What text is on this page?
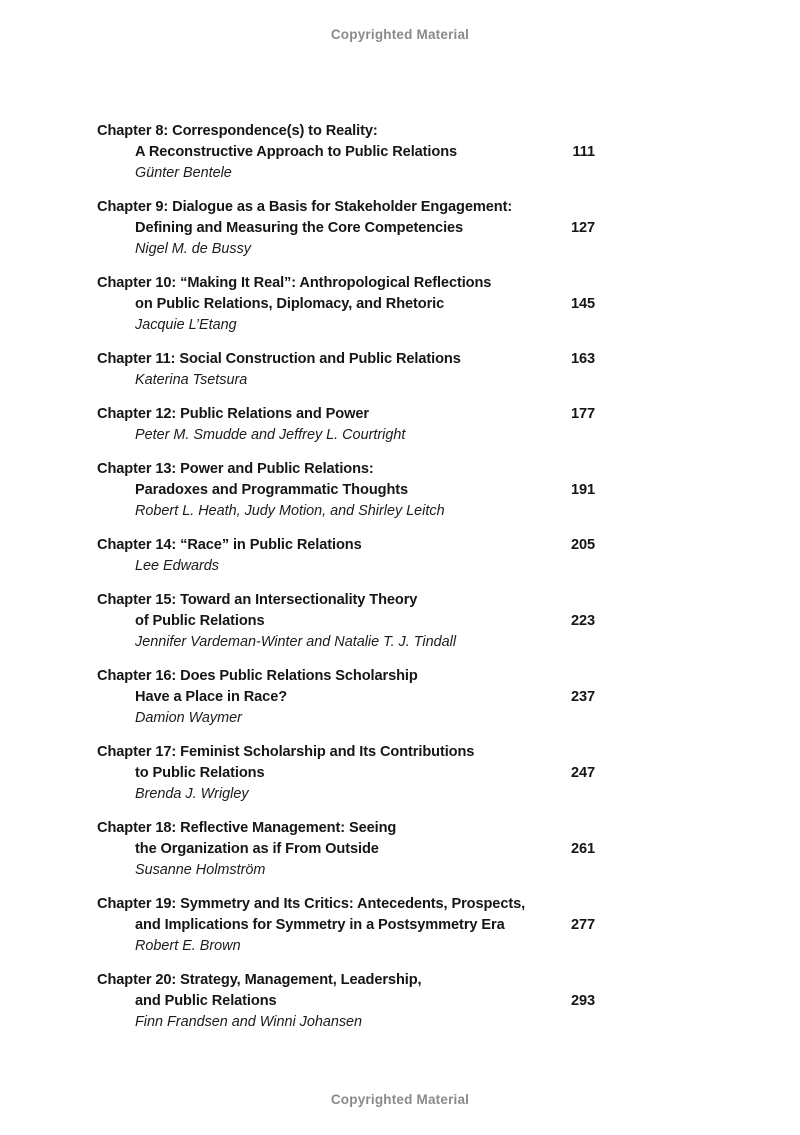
Copyrighted Material
Chapter 8: Correspondence(s) to Reality:
A Reconstructive Approach to Public Relations	111
Günter Bentele
Chapter 9: Dialogue as a Basis for Stakeholder Engagement:
Defining and Measuring the Core Competencies	127
Nigel M. de Bussy
Chapter 10: “Making It Real”: Anthropological Reflections
on Public Relations, Diplomacy, and Rhetoric	145
Jacquie L’Etang
Chapter 11: Social Construction and Public Relations	163
Katerina Tsetsura
Chapter 12: Public Relations and Power	177
Peter M. Smudde and Jeffrey L. Courtright
Chapter 13: Power and Public Relations:
Paradoxes and Programmatic Thoughts	191
Robert L. Heath, Judy Motion, and Shirley Leitch
Chapter 14: “Race” in Public Relations	205
Lee Edwards
Chapter 15: Toward an Intersectionality Theory
of Public Relations	223
Jennifer Vardeman-Winter and Natalie T. J. Tindall
Chapter 16: Does Public Relations Scholarship
Have a Place in Race?	237
Damion Waymer
Chapter 17: Feminist Scholarship and Its Contributions
to Public Relations	247
Brenda J. Wrigley
Chapter 18: Reflective Management: Seeing
the Organization as if From Outside	261
Susanne Holmström
Chapter 19: Symmetry and Its Critics: Antecedents, Prospects,
and Implications for Symmetry in a Postsymmetry Era	277
Robert E. Brown
Chapter 20: Strategy, Management, Leadership,
and Public Relations	293
Finn Frandsen and Winni Johansen
Copyrighted Material
